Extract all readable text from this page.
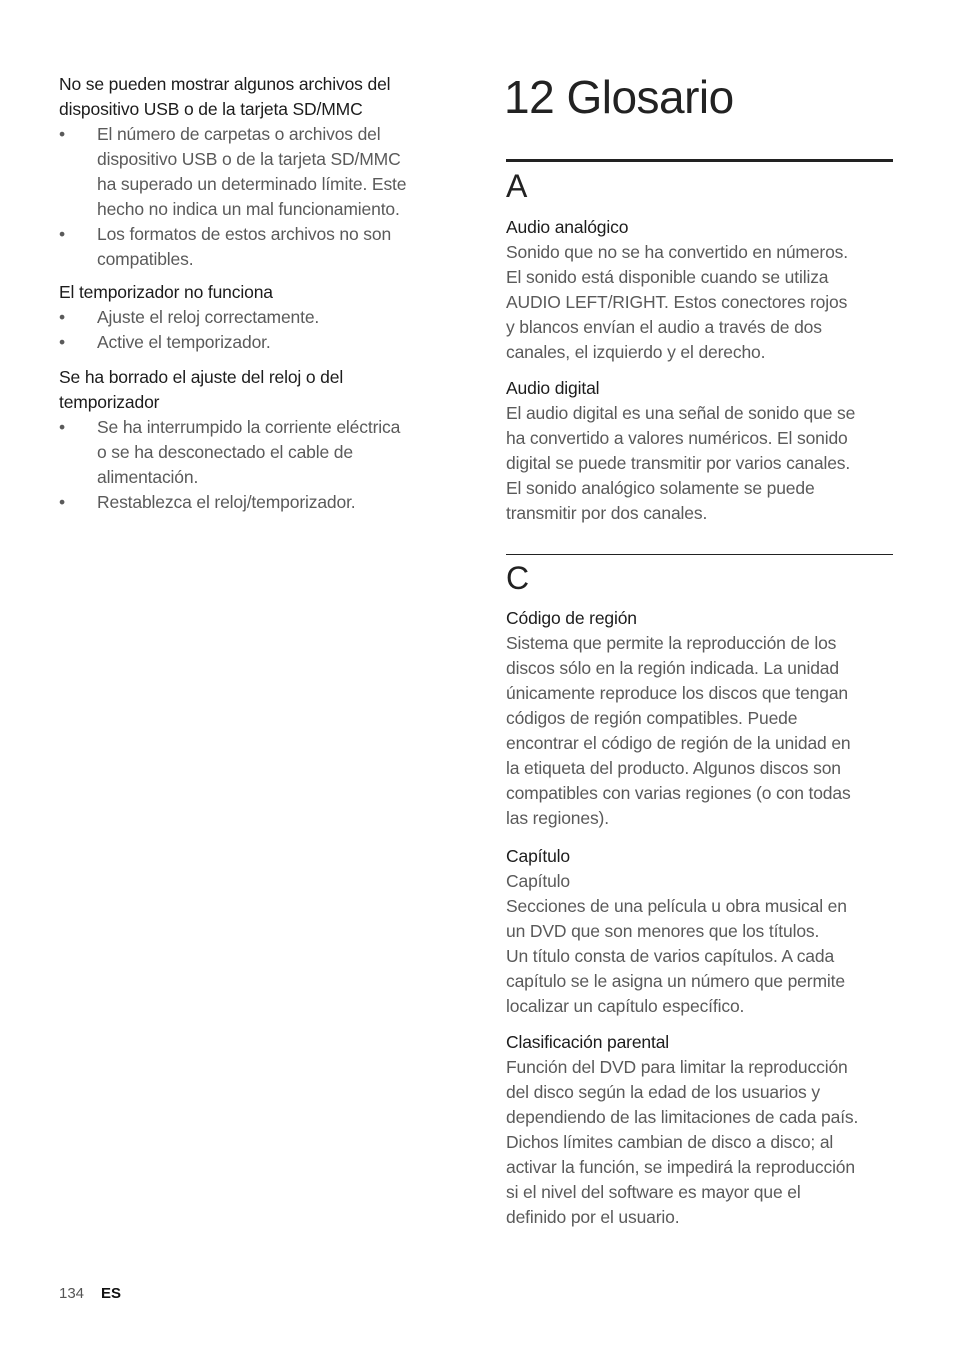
No se pueden mostrar algunos archivos del
dispositivo USB o de la tarjeta SD/MMC
• El número de carpetas o archivos del
dispositivo USB o de la tarjeta SD/MMC
ha superado un determinado límite. Este
hecho no indica un mal funcionamiento.
• Los formatos de estos archivos no son
compatibles.
El temporizador no funciona
• Ajuste el reloj correctamente.
• Active el temporizador.
Se ha borrado el ajuste del reloj o del
temporizador
• Se ha interrumpido la corriente eléctrica
o se ha desconectado el cable de
alimentación.
• Restablezca el reloj/temporizador.
12 Glosario
A
Audio analógico
Sonido que no se ha convertido en números.
El sonido está disponible cuando se utiliza
AUDIO LEFT/RIGHT. Estos conectores rojos
y blancos envían el audio a través de dos
canales, el izquierdo y el derecho.
Audio digital
El audio digital es una señal de sonido que se
ha convertido a valores numéricos. El sonido
digital se puede transmitir por varios canales.
El sonido analógico solamente se puede
transmitir por dos canales.
C
Código de región
Sistema que permite la reproducción de los
discos sólo en la región indicada. La unidad
únicamente reproduce los discos que tengan
códigos de región compatibles. Puede
encontrar el código de región de la unidad en
la etiqueta del producto. Algunos discos son
compatibles con varias regiones (o con todas
las regiones).
Capítulo
Capítulo
Secciones de una película u obra musical en
un DVD que son menores que los títulos.
Un título consta de varios capítulos. A cada
capítulo se le asigna un número que permite
localizar un capítulo específico.
Clasificación parental
Función del DVD para limitar la reproducción
del disco según la edad de los usuarios y
dependiendo de las limitaciones de cada país.
Dichos límites cambian de disco a disco; al
activar la función, se impedirá la reproducción
si el nivel del software es mayor que el
definido por el usuario.
134 ES
